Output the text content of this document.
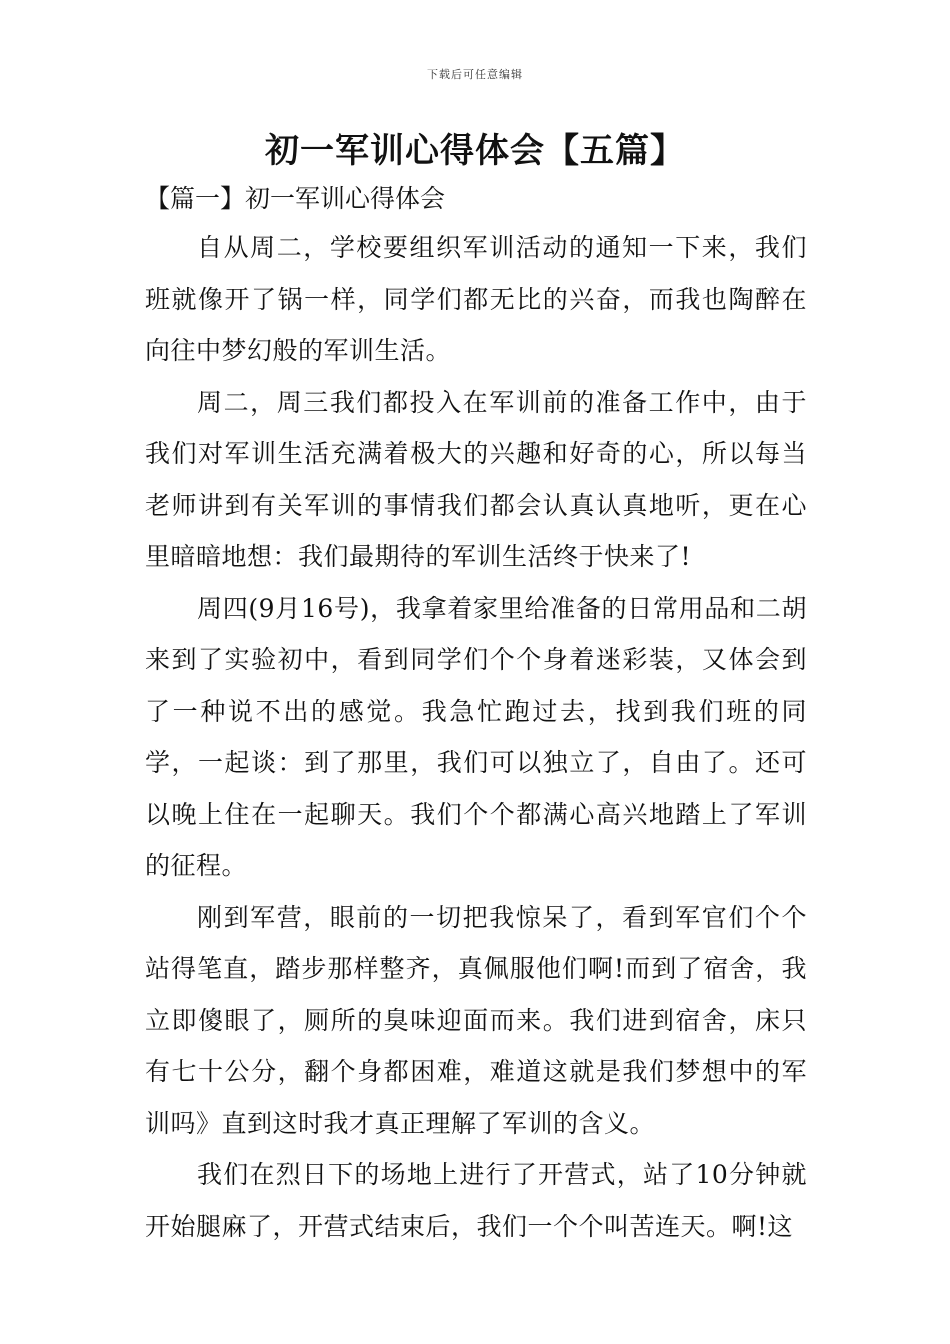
下载后可任意编辑
初一军训心得体会【五篇】
【篇一】初一军训心得体会

自从周二，学校要组织军训活动的通知一下来，我们班就像开了锅一样，同学们都无比的兴奋，而我也陶醉在向往中梦幻般的军训生活。

周二，周三我们都投入在军训前的准备工作中，由于我们对军训生活充满着极大的兴趣和好奇的心，所以每当老师讲到有关军训的事情我们都会认真认真地听，更在心里暗暗地想：我们最期待的军训生活终于快来了!

周四(9月16号)，我拿着家里给准备的日常用品和二胡来到了实验初中，看到同学们个个身着迷彩装，又体会到了一种说不出的感觉。我急忙跑过去，找到我们班的同学，一起谈：到了那里，我们可以独立了，自由了。还可以晚上住在一起聊天。我们个个都满心高兴地踏上了军训的征程。

刚到军营，眼前的一切把我惊呆了，看到军官们个个站得笔直，踏步那样整齐，真佩服他们啊!而到了宿舍，我立即傻眼了，厕所的臭味迎面而来。我们进到宿舍，床只有七十公分，翻个身都困难，难道这就是我们梦想中的军训吗》直到这时我才真正理解了军训的含义。

我们在烈日下的场地上进行了开营式，站了10分钟就开始腿麻了，开营式结束后，我们一个个叫苦连天。啊!这
